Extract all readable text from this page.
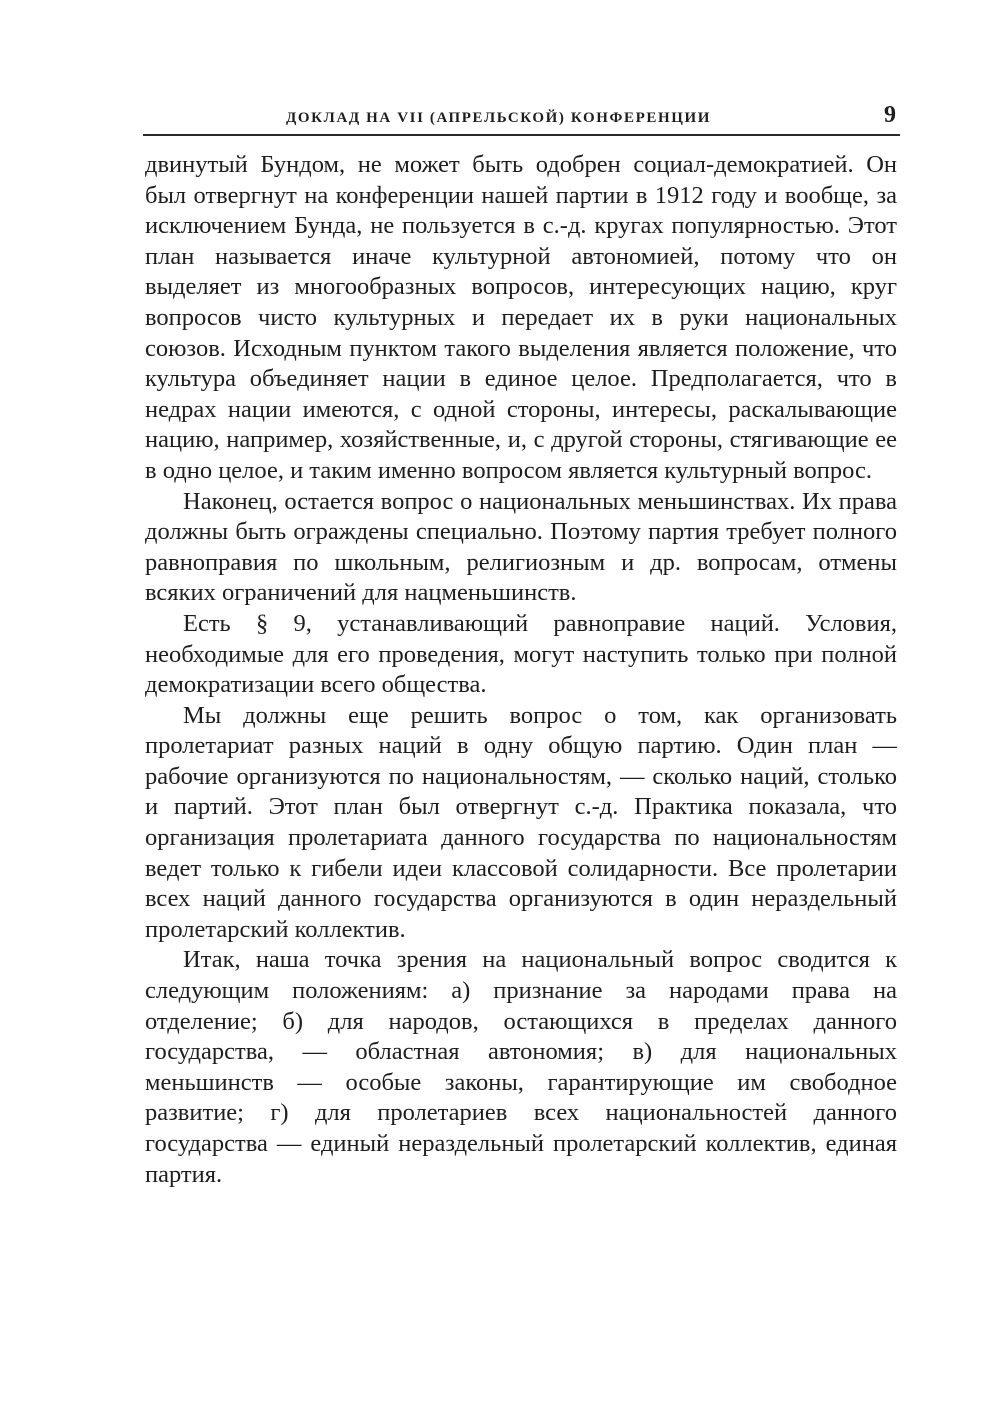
ДОКЛАД НА VII (АПРЕЛЬСКОЙ) КОНФЕРЕНЦИИ	9

двинутый Бундом, не может быть одобрен социал-демократией. Он был отвергнут на конференции нашей партии в 1912 году и вообще, за исключением Бунда, не пользуется в с.-д. кругах популярностью. Этот план называется иначе культурной автономией, потому что он выделяет из многообразных вопросов, интересующих нацию, круг вопросов чисто культурных и передает их в руки национальных союзов. Исходным пунктом такого выделения является положение, что культура объединяет нации в единое целое. Предполагается, что в недрах нации имеются, с одной стороны, интересы, раскалывающие нацию, например, хозяйственные, и, с другой стороны, стягивающие ее в одно целое, и таким именно вопросом является культурный вопрос.

Наконец, остается вопрос о национальных меньшинствах. Их права должны быть ограждены специально. Поэтому партия требует полного равноправия по школьным, религиозным и др. вопросам, отмены всяких ограничений для нацменьшинств.

Есть § 9, устанавливающий равноправие наций. Условия, необходимые для его проведения, могут наступить только при полной демократизации всего общества.

Мы должны еще решить вопрос о том, как организовать пролетариат разных наций в одну общую партию. Один план — рабочие организуются по национальностям, — сколько наций, столько и партий. Этот план был отвергнут с.-д. Практика показала, что организация пролетариата данного государства по национальностям ведет только к гибели идеи классовой солидарности. Все пролетарии всех наций данного государства организуются в один нераздельный пролетарский коллектив.

Итак, наша точка зрения на национальный вопрос сводится к следующим положениям: а) признание за народами права на отделение; б) для народов, остающихся в пределах данного государства, — областная автономия; в) для национальных меньшинств — особые законы, гарантирующие им свободное развитие; г) для пролетариев всех национальностей данного государства — единый нераздельный пролетарский коллектив, единая партия.
